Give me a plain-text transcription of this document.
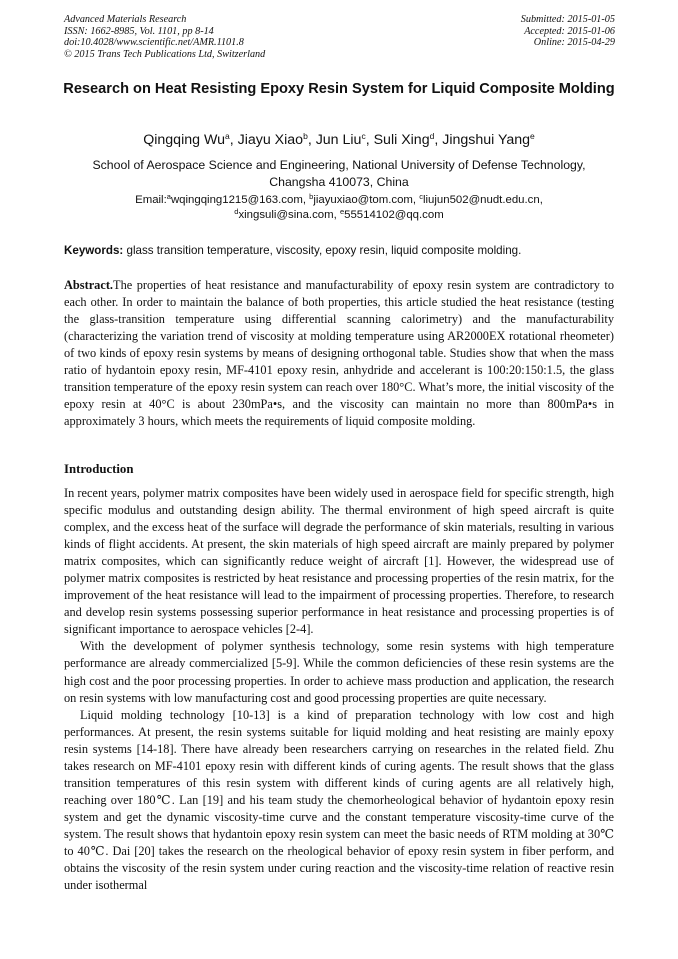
Advanced Materials Research
ISSN: 1662-8985, Vol. 1101, pp 8-14
doi:10.4028/www.scientific.net/AMR.1101.8
© 2015 Trans Tech Publications Ltd, Switzerland
Submitted: 2015-01-05
Accepted: 2015-01-06
Online: 2015-04-29
Research on Heat Resisting Epoxy Resin System for Liquid Composite Molding
Qingqing Wu$^a$, Jiayu Xiao$^b$, Jun Liu$^c$, Suli Xing$^d$, Jingshui Yang$^e$
School of Aerospace Science and Engineering, National University of Defense Technology,
Changsha 410073, China
Email:$^a$wqingqing1215@163.com, $^b$jiayuxiao@tom.com, $^c$liujun502@nudt.edu.cn,
$^d$xingsuli@sina.com, $^e$55514102@qq.com
Keywords: glass transition temperature, viscosity, epoxy resin, liquid composite molding.

Abstract.The properties of heat resistance and manufacturability of epoxy resin system are contradictory to each other. In order to maintain the balance of both properties, this article studied the heat resistance (testing the glass-transition temperature using differential scanning calorimetry) and the manufacturability (characterizing the variation trend of viscosity at molding temperature using AR2000EX rotational rheometer) of two kinds of epoxy resin systems by means of designing orthogonal table. Studies show that when the mass ratio of hydantoin epoxy resin, MF-4101 epoxy resin, anhydride and accelerant is 100:20:150:1.5, the glass transition temperature of the epoxy resin system can reach over 180°C. What’s more, the initial viscosity of the epoxy resin at 40°C is about 230mPa•s, and the viscosity can maintain no more than 800mPa•s in approximately 3 hours, which meets the requirements of liquid composite molding.

Introduction

In recent years, polymer matrix composites have been widely used in aerospace field for specific strength, high specific modulus and outstanding design ability. The thermal environment of high speed aircraft is quite complex, and the excess heat of the surface will degrade the performance of skin materials, resulting in various kinds of flight accidents. At present, the skin materials of high speed aircraft are mainly prepared by polymer matrix composites, which can significantly reduce weight of aircraft [1]. However, the widespread use of polymer matrix composites is restricted by heat resistance and processing properties of the resin matrix, for the improvement of the heat resistance will lead to the impairment of processing properties. Therefore, to research and develop resin systems possessing superior performance in heat resistance and processing properties is of significant importance to aerospace vehicles [2-4].

With the development of polymer synthesis technology, some resin systems with high temperature performance are already commercialized [5-9]. While the common deficiencies of these resin systems are the high cost and the poor processing properties. In order to achieve mass production and application, the research on resin systems with low manufacturing cost and good processing properties are quite necessary.

Liquid molding technology [10-13] is a kind of preparation technology with low cost and high performances. At present, the resin systems suitable for liquid molding and heat resisting are mainly epoxy resin systems [14-18]. There have already been researchers carrying on researches in the related field. Zhu takes research on MF-4101 epoxy resin with different kinds of curing agents. The result shows that the glass transition temperatures of this resin system with different kinds of curing agents are all relatively high, reaching over 180℃. Lan [19] and his team study the chemorheological behavior of hydantoin epoxy resin system and get the dynamic viscosity-time curve and the constant temperature viscosity-time curve of the system. The result shows that hydantoin epoxy resin system can meet the basic needs of RTM molding at 30℃ to 40℃. Dai [20] takes the research on the rheological behavior of epoxy resin system in fiber perform, and obtains the viscosity of the resin system under curing reaction and the viscosity-time relation of reactive resin under isothermal
